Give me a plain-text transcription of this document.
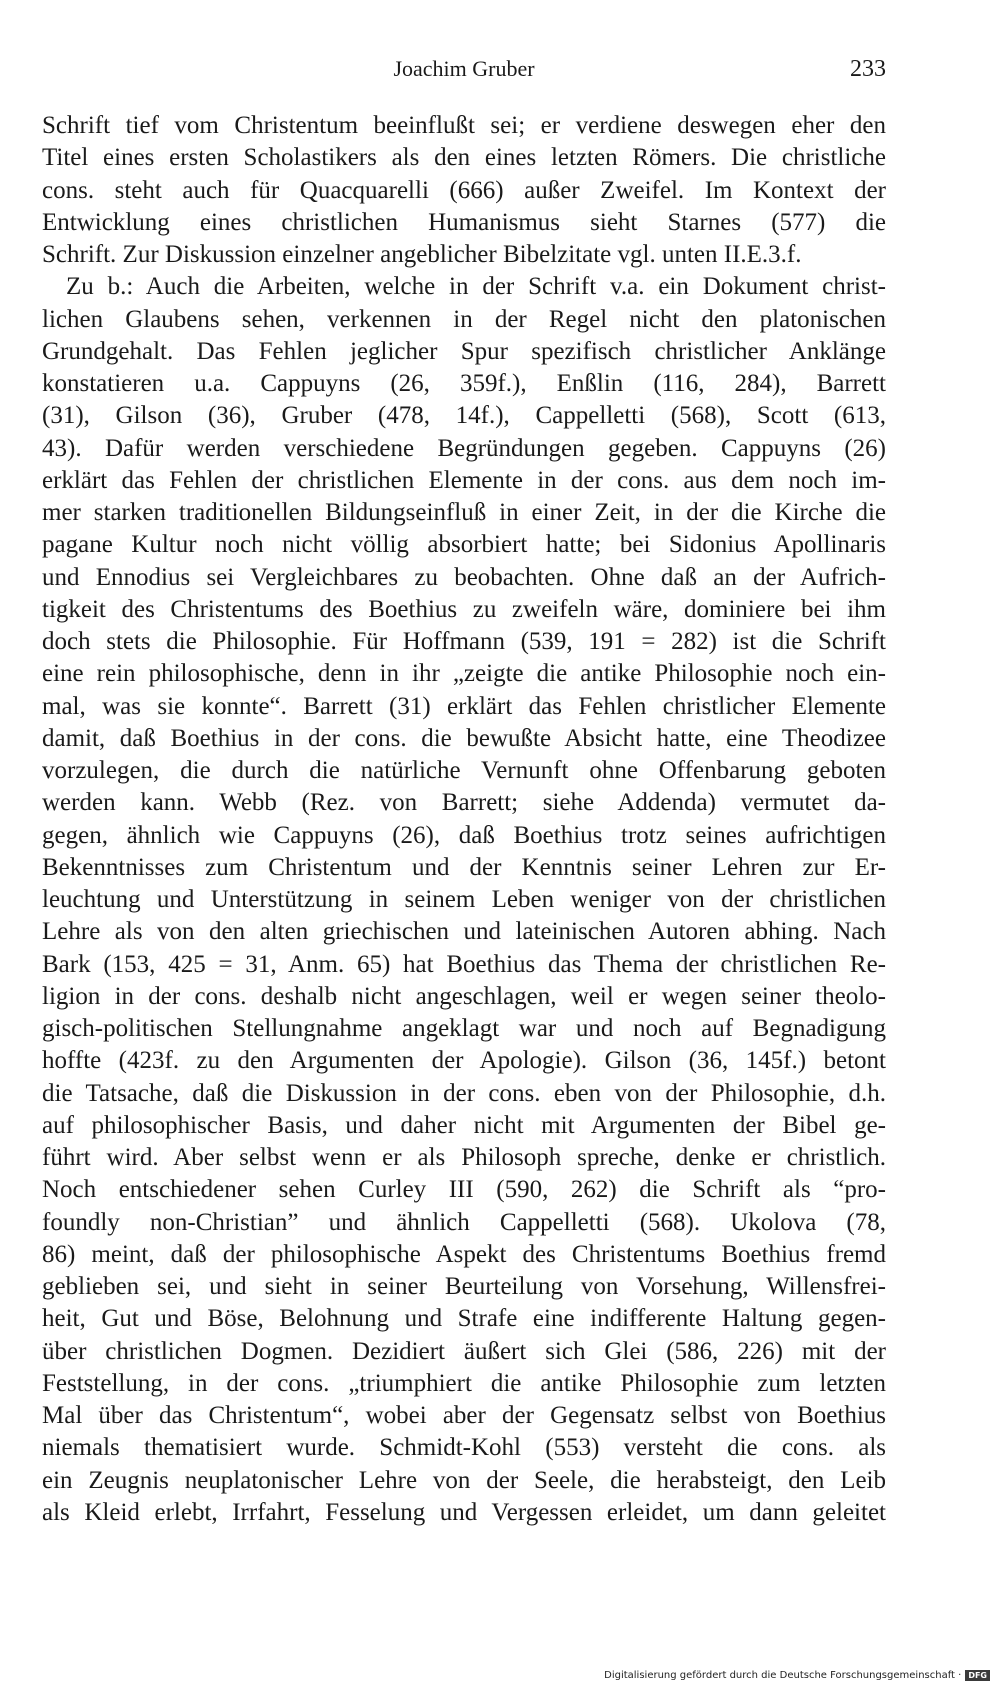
Joachim Gruber	233
Schrift tief vom Christentum beeinflußt sei; er verdiene deswegen eher den
Titel eines ersten Scholastikers als den eines letzten Römers. Die christliche
cons. steht auch für Quacquarelli (666) außer Zweifel. Im Kontext der
Entwicklung eines christlichen Humanismus sieht Starnes (577) die
Schrift. Zur Diskussion einzelner angeblicher Bibelzitate vgl. unten II.E.3.f.
Zu b.: Auch die Arbeiten, welche in der Schrift v.a. ein Dokument christ-
lichen Glaubens sehen, verkennen in der Regel nicht den platonischen
Grundgehalt. Das Fehlen jeglicher Spur spezifisch christlicher Anklänge
konstatieren u.a. Cappuyns (26, 359f.), Enßlin (116, 284), Barrett
(31), Gilson (36), Gruber (478, 14f.), Cappelletti (568), Scott (613,
43). Dafür werden verschiedene Begründungen gegeben. Cappuyns (26)
erklärt das Fehlen der christlichen Elemente in der cons. aus dem noch im-
mer starken traditionellen Bildungseinfluß in einer Zeit, in der die Kirche die
pagane Kultur noch nicht völlig absorbiert hatte; bei Sidonius Apollinaris
und Ennodius sei Vergleichbares zu beobachten. Ohne daß an der Aufrich-
tigkeit des Christentums des Boethius zu zweifeln wäre, dominiere bei ihm
doch stets die Philosophie. Für Hoffmann (539, 191 = 282) ist die Schrift
eine rein philosophische, denn in ihr „zeigte die antike Philosophie noch ein-
mal, was sie konnte“. Barrett (31) erklärt das Fehlen christlicher Elemente
damit, daß Boethius in der cons. die bewußte Absicht hatte, eine Theodizee
vorzulegen, die durch die natürliche Vernunft ohne Offenbarung geboten
werden kann. Webb (Rez. von Barrett; siehe Addenda) vermutet da-
gegen, ähnlich wie Cappuyns (26), daß Boethius trotz seines aufrichtigen
Bekenntnisses zum Christentum und der Kenntnis seiner Lehren zur Er-
leuchtung und Unterstützung in seinem Leben weniger von der christlichen
Lehre als von den alten griechischen und lateinischen Autoren abhing. Nach
Bark (153, 425 = 31, Anm. 65) hat Boethius das Thema der christlichen Re-
ligion in der cons. deshalb nicht angeschlagen, weil er wegen seiner theolo-
gisch-politischen Stellungnahme angeklagt war und noch auf Begnadigung
hoffte (423f. zu den Argumenten der Apologie). Gilson (36, 145f.) betont
die Tatsache, daß die Diskussion in der cons. eben von der Philosophie, d.h.
auf philosophischer Basis, und daher nicht mit Argumenten der Bibel ge-
führt wird. Aber selbst wenn er als Philosoph spreche, denke er christlich.
Noch entschiedener sehen Curley III (590, 262) die Schrift als “pro-
foundly non-Christian” und ähnlich Cappelletti (568). Ukolova (78,
86) meint, daß der philosophische Aspekt des Christentums Boethius fremd
geblieben sei, und sieht in seiner Beurteilung von Vorsehung, Willensfrei-
heit, Gut und Böse, Belohnung und Strafe eine indifferente Haltung gegen-
über christlichen Dogmen. Dezidiert äußert sich Glei (586, 226) mit der
Feststellung, in der cons. „triumphiert die antike Philosophie zum letzten
Mal über das Christentum“, wobei aber der Gegensatz selbst von Boethius
niemals thematisiert wurde. Schmidt-Kohl (553) versteht die cons. als
ein Zeugnis neuplatonischer Lehre von der Seele, die herabsteigt, den Leib
als Kleid erlebt, Irrfahrt, Fesselung und Vergessen erleidet, um dann geleitet
Digitalisierung gefördert durch die Deutsche Forschungsgemeinschaft · DFG
